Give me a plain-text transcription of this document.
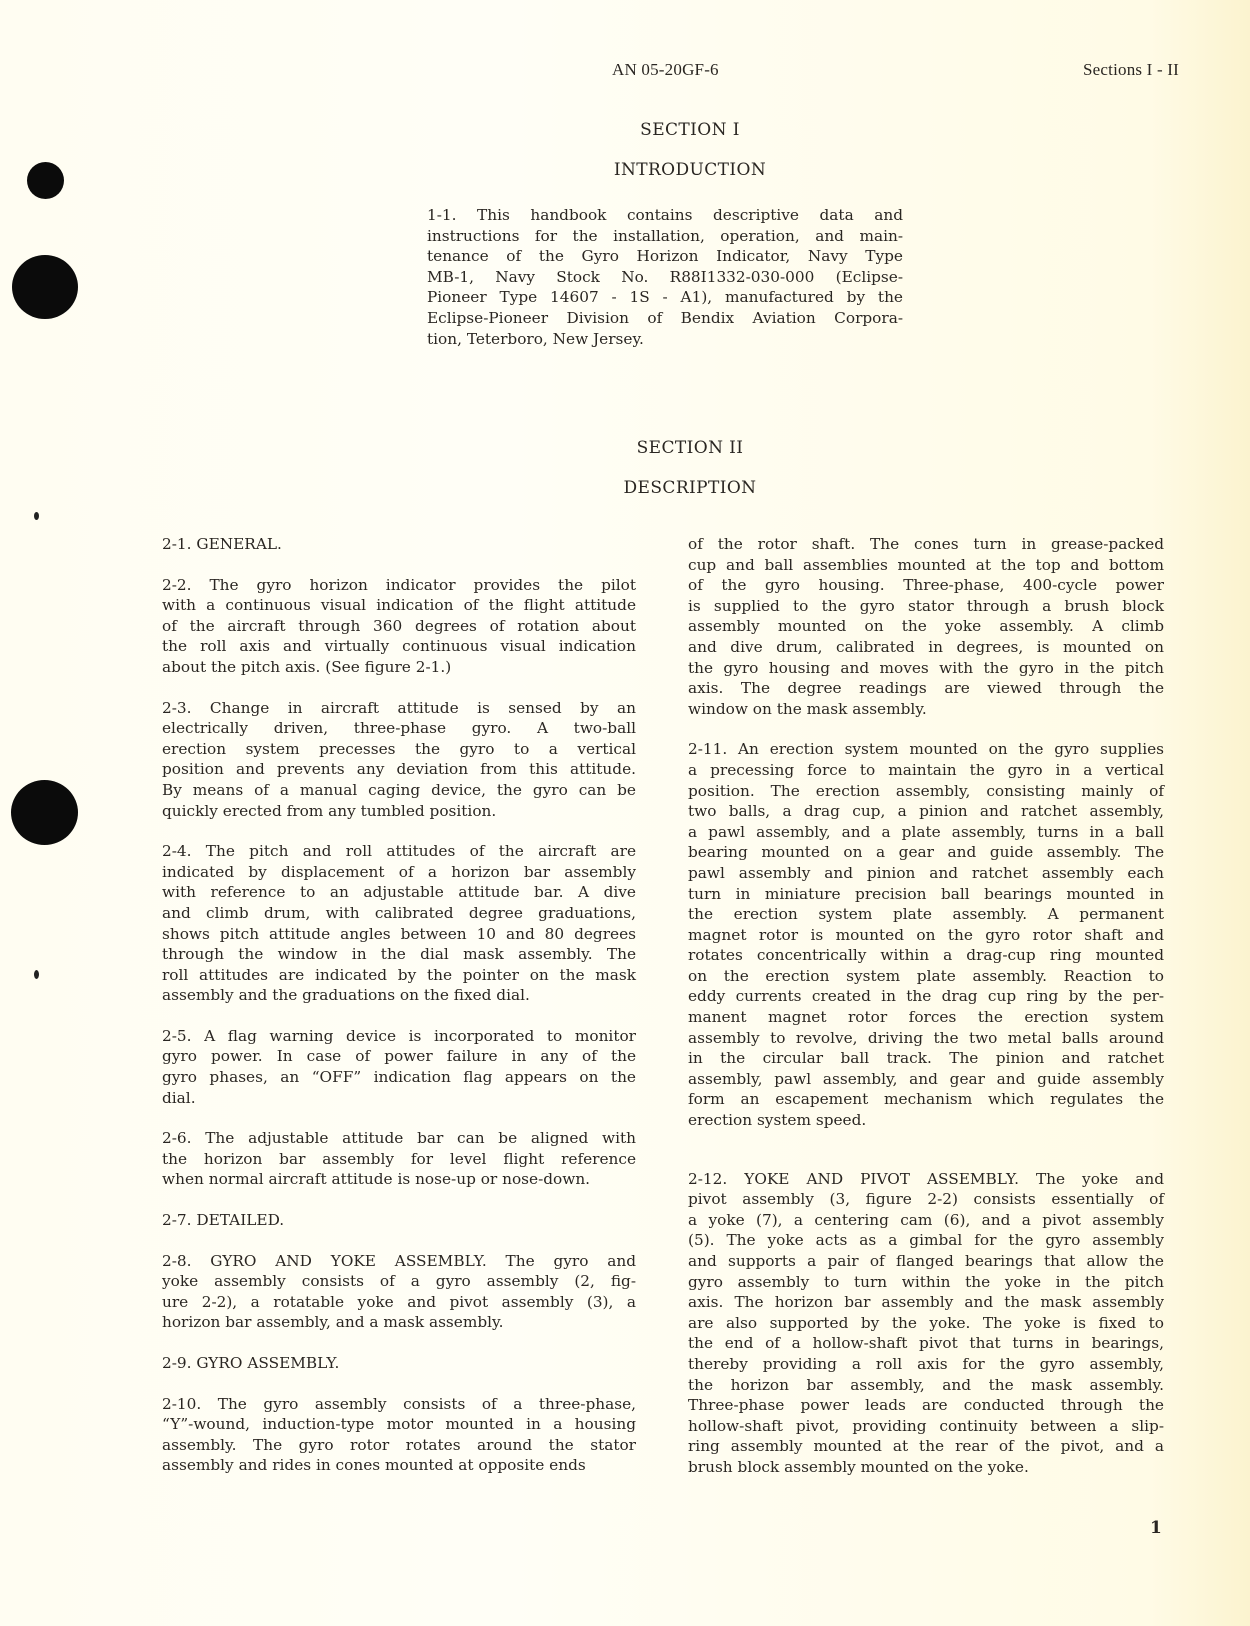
AN 05-20GF-6	Sections I - II
SECTION I
INTRODUCTION
1-1. This handbook contains descriptive data and
instructions for the installation, operation, and main-
tenance of the Gyro Horizon Indicator, Navy Type
MB-1, Navy Stock No. R88I1332-030-000 (Eclipse-
Pioneer Type 14607 - 1S - A1), manufactured by the
Eclipse-Pioneer Division of Bendix Aviation Corpora-
tion, Teterboro, New Jersey.
SECTION II
DESCRIPTION
2-1. GENERAL.
2-2. The gyro horizon indicator provides the pilot
with a continuous visual indication of the flight attitude
of the aircraft through 360 degrees of rotation about
the roll axis and virtually continuous visual indication
about the pitch axis. (See figure 2-1.)
2-3. Change in aircraft attitude is sensed by an
electrically driven, three-phase gyro. A two-ball
erection system precesses the gyro to a vertical
position and prevents any deviation from this attitude.
By means of a manual caging device, the gyro can be
quickly erected from any tumbled position.
2-4. The pitch and roll attitudes of the aircraft are
indicated by displacement of a horizon bar assembly
with reference to an adjustable attitude bar. A dive
and climb drum, with calibrated degree graduations,
shows pitch attitude angles between 10 and 80 degrees
through the window in the dial mask assembly. The
roll attitudes are indicated by the pointer on the mask
assembly and the graduations on the fixed dial.
2-5. A flag warning device is incorporated to monitor
gyro power. In case of power failure in any of the
gyro phases, an “OFF” indication flag appears on the
dial.
2-6. The adjustable attitude bar can be aligned with
the horizon bar assembly for level flight reference
when normal aircraft attitude is nose-up or nose-down.
2-7. DETAILED.
2-8. GYRO AND YOKE ASSEMBLY. The gyro and
yoke assembly consists of a gyro assembly (2, fig-
ure 2-2), a rotatable yoke and pivot assembly (3), a
horizon bar assembly, and a mask assembly.
2-9. GYRO ASSEMBLY.
2-10. The gyro assembly consists of a three-phase,
“Y”-wound, induction-type motor mounted in a housing
assembly. The gyro rotor rotates around the stator
assembly and rides in cones mounted at opposite ends
of the rotor shaft. The cones turn in grease-packed
cup and ball assemblies mounted at the top and bottom
of the gyro housing. Three-phase, 400-cycle power
is supplied to the gyro stator through a brush block
assembly mounted on the yoke assembly. A climb
and dive drum, calibrated in degrees, is mounted on
the gyro housing and moves with the gyro in the pitch
axis. The degree readings are viewed through the
window on the mask assembly.
2-11. An erection system mounted on the gyro supplies
a precessing force to maintain the gyro in a vertical
position. The erection assembly, consisting mainly of
two balls, a drag cup, a pinion and ratchet assembly,
a pawl assembly, and a plate assembly, turns in a ball
bearing mounted on a gear and guide assembly. The
pawl assembly and pinion and ratchet assembly each
turn in miniature precision ball bearings mounted in
the erection system plate assembly. A permanent
magnet rotor is mounted on the gyro rotor shaft and
rotates concentrically within a drag-cup ring mounted
on the erection system plate assembly. Reaction to
eddy currents created in the drag cup ring by the per-
manent magnet rotor forces the erection system
assembly to revolve, driving the two metal balls around
in the circular ball track. The pinion and ratchet
assembly, pawl assembly, and gear and guide assembly
form an escapement mechanism which regulates the
erection system speed.
2-12. YOKE AND PIVOT ASSEMBLY. The yoke and
pivot assembly (3, figure 2-2) consists essentially of
a yoke (7), a centering cam (6), and a pivot assembly
(5). The yoke acts as a gimbal for the gyro assembly
and supports a pair of flanged bearings that allow the
gyro assembly to turn within the yoke in the pitch
axis. The horizon bar assembly and the mask assembly
are also supported by the yoke. The yoke is fixed to
the end of a hollow-shaft pivot that turns in bearings,
thereby providing a roll axis for the gyro assembly,
the horizon bar assembly, and the mask assembly.
Three-phase power leads are conducted through the
hollow-shaft pivot, providing continuity between a slip-
ring assembly mounted at the rear of the pivot, and a
brush block assembly mounted on the yoke.
1
